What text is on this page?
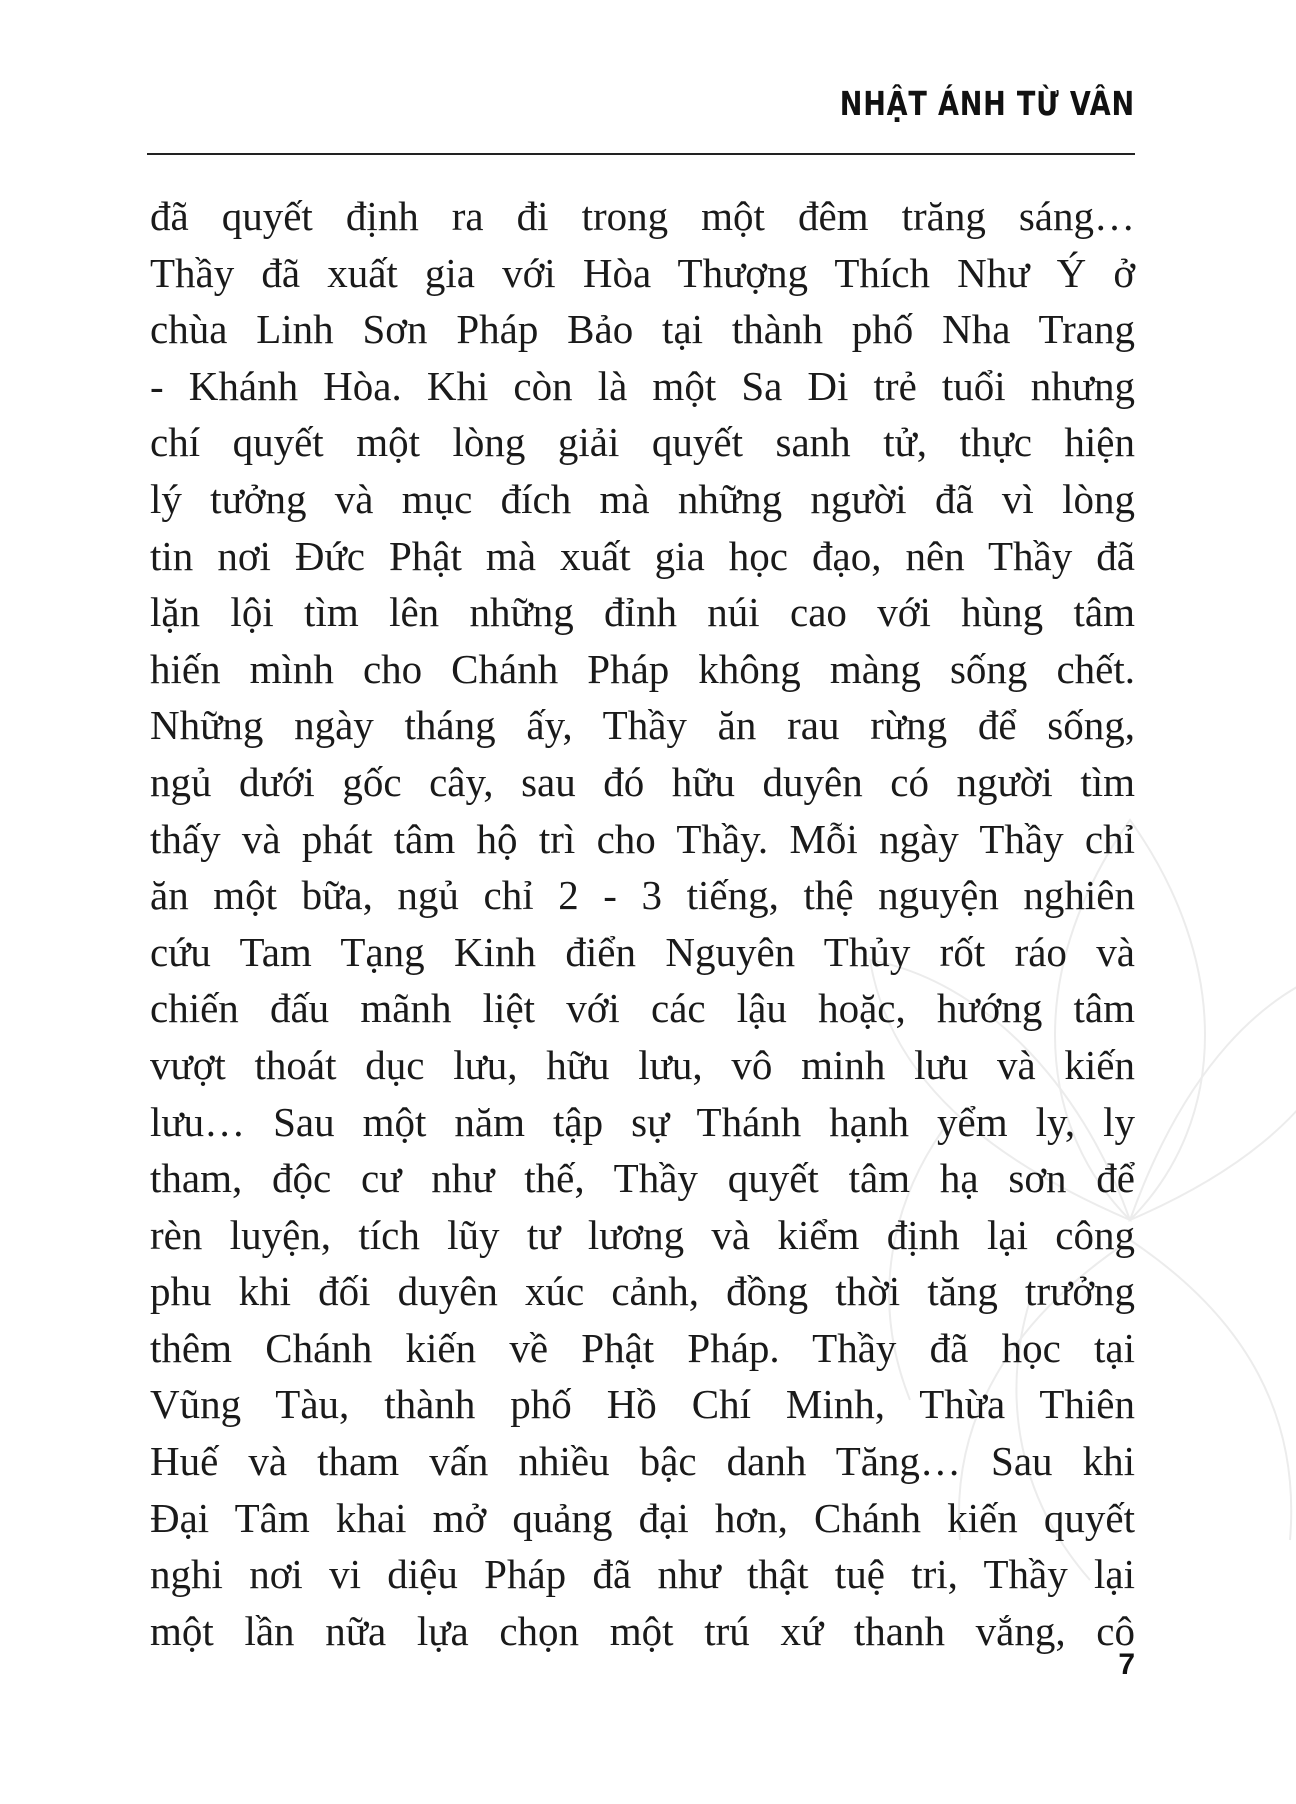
NHẬT ÁNH TỪ VÂN
đã quyết định ra đi trong một đêm trăng sáng…
Thầy đã xuất gia với Hòa Thượng Thích Như Ý ở
chùa Linh Sơn Pháp Bảo tại thành phố Nha Trang
- Khánh Hòa. Khi còn là một Sa Di trẻ tuổi nhưng
chí quyết một lòng giải quyết sanh tử, thực hiện
lý tưởng và mục đích mà những người đã vì lòng
tin nơi Đức Phật mà xuất gia học đạo, nên Thầy đã
lặn lội tìm lên những đỉnh núi cao với hùng tâm
hiến mình cho Chánh Pháp không màng sống chết.
Những ngày tháng ấy, Thầy ăn rau rừng để sống,
ngủ dưới gốc cây, sau đó hữu duyên có người tìm
thấy và phát tâm hộ trì cho Thầy. Mỗi ngày Thầy chỉ
ăn một bữa, ngủ chỉ 2 - 3 tiếng, thệ nguyện nghiên
cứu Tam Tạng Kinh điển Nguyên Thủy rốt ráo và
chiến đấu mãnh liệt với các lậu hoặc, hướng tâm
vượt thoát dục lưu, hữu lưu, vô minh lưu và kiến
lưu… Sau một năm tập sự Thánh hạnh yểm ly, ly
tham, độc cư như thế, Thầy quyết tâm hạ sơn để
rèn luyện, tích lũy tư lương và kiểm định lại công
phu khi đối duyên xúc cảnh, đồng thời tăng trưởng
thêm Chánh kiến về Phật Pháp. Thầy đã học tại
Vũng Tàu, thành phố Hồ Chí Minh, Thừa Thiên
Huế và tham vấn nhiều bậc danh Tăng… Sau khi
Đại Tâm khai mở quảng đại hơn, Chánh kiến quyết
nghi nơi vi diệu Pháp đã như thật tuệ tri, Thầy lại
một lần nữa lựa chọn một trú xứ thanh vắng, cô
7
